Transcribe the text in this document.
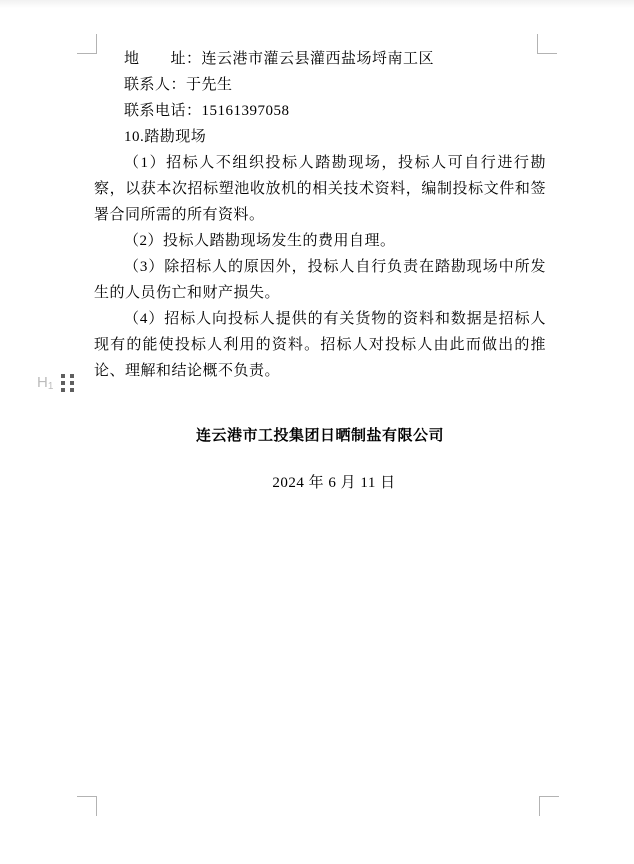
地　　址：连云港市灌云县灌西盐场埒南工区
联系人：于先生
联系电话：15161397058
10.踏勘现场

（1）招标人不组织投标人踏勘现场，投标人可自行进行勘察，以获本次招标塑池收放机的相关技术资料，编制投标文件和签署合同所需的所有资料。

（2）投标人踏勘现场发生的费用自理。

（3）除招标人的原因外，投标人自行负责在踏勘现场中所发生的人员伤亡和财产损失。

（4）招标人向投标人提供的有关货物的资料和数据是招标人现有的能使投标人利用的资料。招标人对投标人由此而做出的推论、理解和结论概不负责。

$H_1$
连云港市工投集团日晒制盐有限公司
2024 年 6 月 11 日
